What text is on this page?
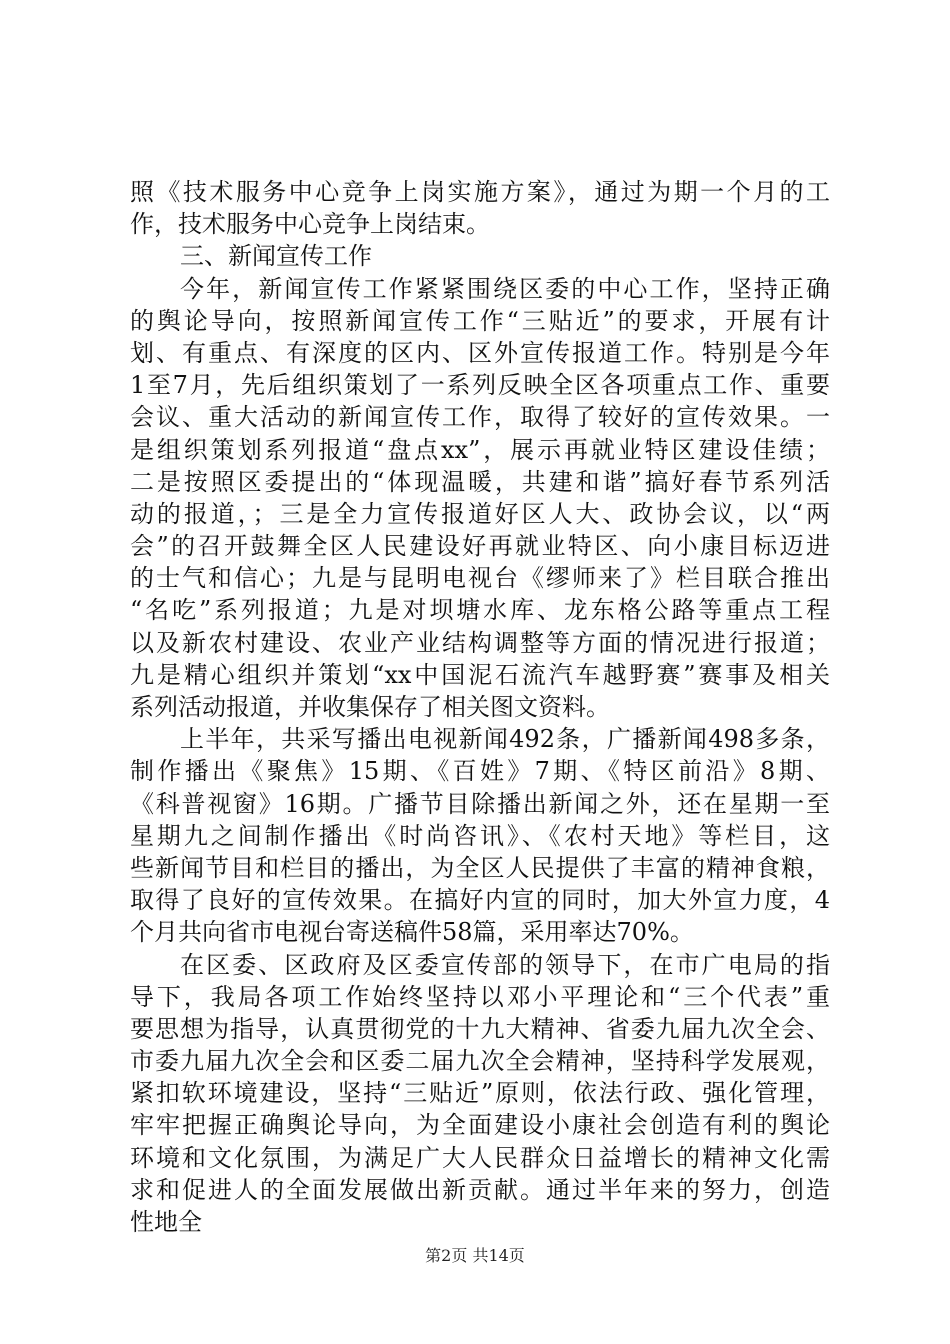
照《技术服务中心竞争上岗实施方案》，通过为期一个月的工
作，技术服务中心竞争上岗结束。
三、新闻宣传工作
今年，新闻宣传工作紧紧围绕区委的中心工作，坚持正确
的舆论导向，按照新闻宣传工作“三贴近”的要求，开展有计
划、有重点、有深度的区内、区外宣传报道工作。特别是今年
1至7月，先后组织策划了一系列反映全区各项重点工作、重要
会议、重大活动的新闻宣传工作，取得了较好的宣传效果。一
是组织策划系列报道“盘点xx”，展示再就业特区建设佳绩；
二是按照区委提出的“体现温暖，共建和谐”搞好春节系列活
动的报道，；三是全力宣传报道好区人大、政协会议，以“两
会”的召开鼓舞全区人民建设好再就业特区、向小康目标迈进
的士气和信心；九是与昆明电视台《缪师来了》栏目联合推出
“名吃”系列报道；九是对坝塘水库、龙东格公路等重点工程
以及新农村建设、农业产业结构调整等方面的情况进行报道；
九是精心组织并策划“xx中国泥石流汽车越野赛”赛事及相关
系列活动报道，并收集保存了相关图文资料。
上半年，共采写播出电视新闻492条，广播新闻498多条，
制作播出《聚焦》15期、《百姓》7期、《特区前沿》8期、
《科普视窗》16期。广播节目除播出新闻之外，还在星期一至
星期九之间制作播出《时尚咨讯》、《农村天地》等栏目，这
些新闻节目和栏目的播出，为全区人民提供了丰富的精神食粮，
取得了良好的宣传效果。在搞好内宣的同时，加大外宣力度，4
个月共向省市电视台寄送稿件58篇，采用率达70%。
在区委、区政府及区委宣传部的领导下，在市广电局的指
导下，我局各项工作始终坚持以邓小平理论和“三个代表”重
要思想为指导，认真贯彻党的十九大精神、省委九届九次全会、
市委九届九次全会和区委二届九次全会精神，坚持科学发展观，
紧扣软环境建设，坚持“三贴近”原则，依法行政、强化管理，
牢牢把握正确舆论导向，为全面建设小康社会创造有利的舆论
环境和文化氛围，为满足广大人民群众日益增长的精神文化需
求和促进人的全面发展做出新贡献。通过半年来的努力，创造
性地全
第2页 共14页
